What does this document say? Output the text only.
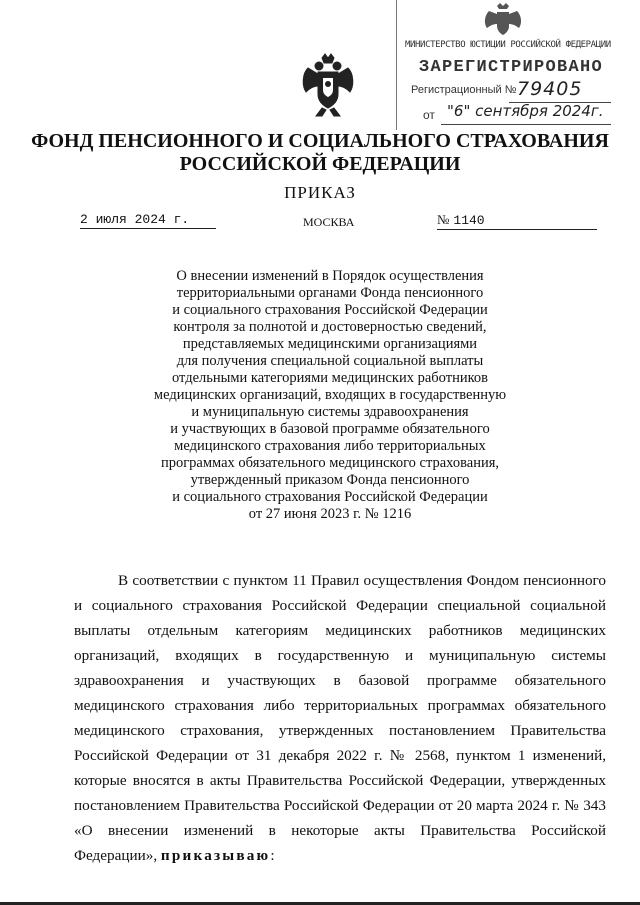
МИНИСТЕРСТВО ЮСТИЦИИ РОССИЙСКОЙ ФЕДЕРАЦИИ
ЗАРЕГИСТРИРОВАНО
Регистрационный № 79405
от "6" сентября 2024г.
ФОНД ПЕНСИОННОГО И СОЦИАЛЬНОГО СТРАХОВАНИЯ
РОССИЙСКОЙ ФЕДЕРАЦИИ
ПРИКАЗ
2 июля 2024 г.	МОСКВА	№ 1140
О внесении изменений в Порядок осуществления
территориальными органами Фонда пенсионного
и социального страхования Российской Федерации
контроля за полнотой и достоверностью сведений,
представляемых медицинскими организациями
для получения специальной социальной выплаты
отдельными категориями медицинских работников
медицинских организаций, входящих в государственную
и муниципальную системы здравоохранения
и участвующих в базовой программе обязательного
медицинского страхования либо территориальных
программах обязательного медицинского страхования,
утвержденный приказом Фонда пенсионного
и социального страхования Российской Федерации
от 27 июня 2023 г. № 1216
В соответствии с пунктом 11 Правил осуществления Фондом пенсионного
и социального страхования Российской Федерации специальной социальной
выплаты отдельным категориям медицинских работников медицинских
организаций, входящих в государственную и муниципальную системы
здравоохранения и участвующих в базовой программе обязательного
медицинского страхования либо территориальных программах обязательного
медицинского страхования, утвержденных постановлением Правительства
Российской Федерации от 31 декабря 2022 г. № 2568, пунктом 1 изменений,
которые вносятся в акты Правительства Российской Федерации, утвержденных
постановлением Правительства Российской Федерации от 20 марта 2024 г. № 343
«О внесении изменений в некоторые акты Правительства Российской
Федерации», приказываю:
